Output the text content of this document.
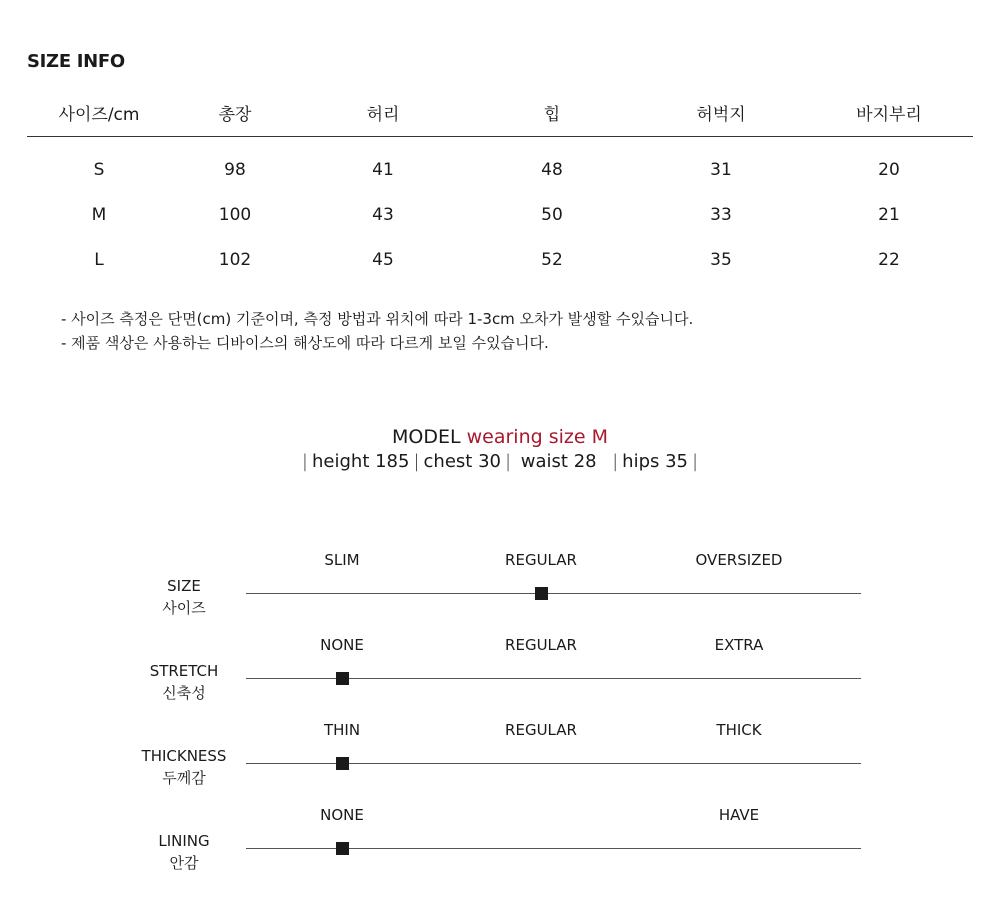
SIZE INFO
사이즈/cm	총장	허리	힙	허벅지	바지부리
S	98	41	48	31	20
M	100	43	50	33	21
L	102	45	52	35	22
- 사이즈 측정은 단면(cm) 기준이며, 측정 방법과 위치에 따라 1-3cm 오차가 발생할 수있습니다.
- 제품 색상은 사용하는 디바이스의 해상도에 따라 다르게 보일 수있습니다.
MODEL wearing size M
| height 185 | chest 30 | waist 28 | hips 35 |
SIZE
사이즈
SLIM	REGULAR	OVERSIZED
STRETCH
신축성
NONE	REGULAR	EXTRA
THICKNESS
두께감
THIN	REGULAR	THICK
LINING
안감
NONE	HAVE
